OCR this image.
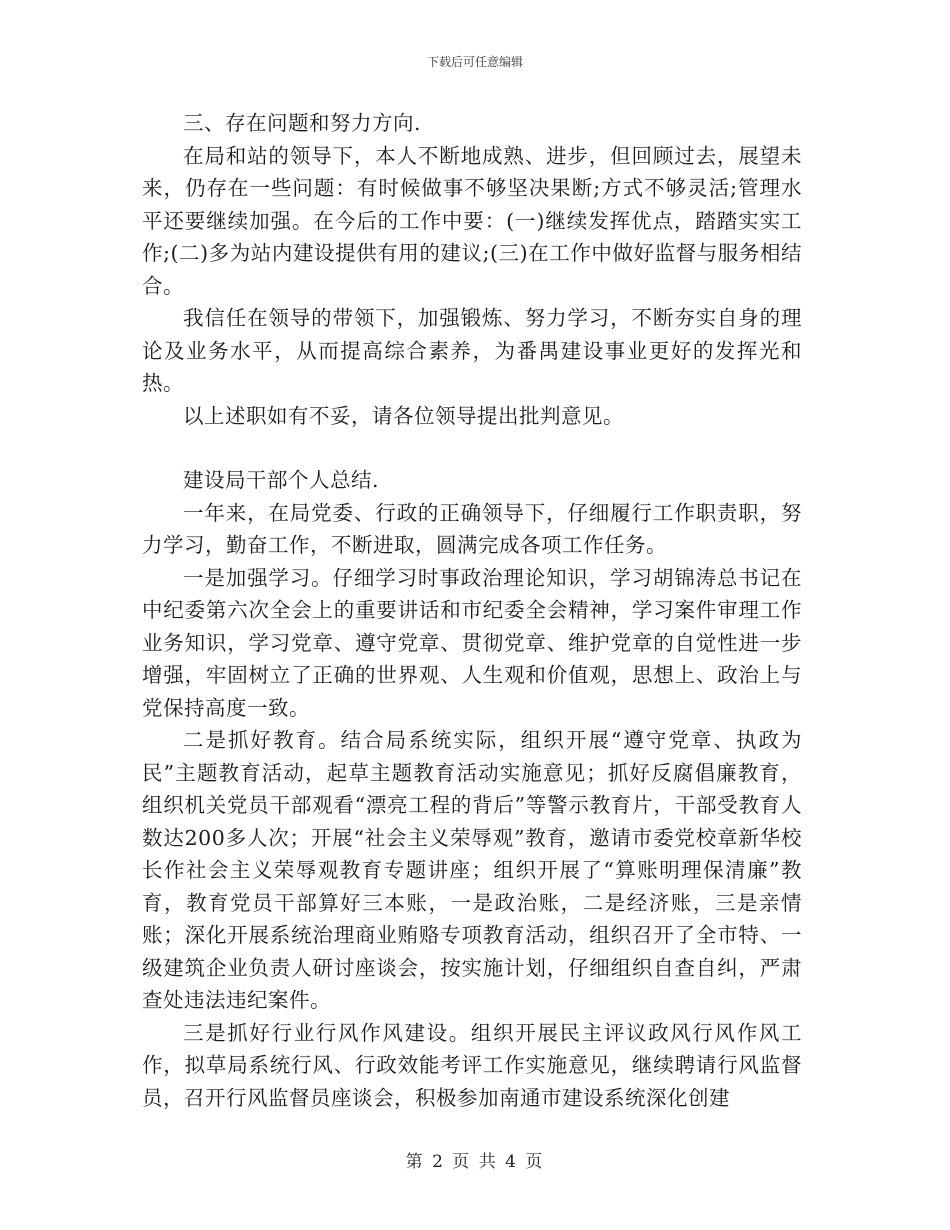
下载后可任意编辑

三、存在问题和努力方向.

在局和站的领导下，本人不断地成熟、进步，但回顾过去，展望未来，仍存在一些问题：有时候做事不够坚决果断;方式不够灵活;管理水平还要继续加强。在今后的工作中要：(一)继续发挥优点，踏踏实实工作;(二)多为站内建设提供有用的建议;(三)在工作中做好监督与服务相结合。

我信任在领导的带领下，加强锻炼、努力学习，不断夯实自身的理论及业务水平，从而提高综合素养，为番禺建设事业更好的发挥光和热。

以上述职如有不妥，请各位领导提出批判意见。

建设局干部个人总结.

一年来，在局党委、行政的正确领导下，仔细履行工作职责职，努力学习，勤奋工作，不断进取，圆满完成各项工作任务。

一是加强学习。仔细学习时事政治理论知识，学习胡锦涛总书记在中纪委第六次全会上的重要讲话和市纪委全会精神，学习案件审理工作业务知识，学习党章、遵守党章、贯彻党章、维护党章的自觉性进一步增强，牢固树立了正确的世界观、人生观和价值观，思想上、政治上与党保持高度一致。

二是抓好教育。结合局系统实际，组织开展“遵守党章、执政为民”主题教育活动，起草主题教育活动实施意见；抓好反腐倡廉教育，组织机关党员干部观看“漂亮工程的背后”等警示教育片，干部受教育人数达200多人次；开展“社会主义荣辱观”教育，邀请市委党校章新华校长作社会主义荣辱观教育专题讲座；组织开展了“算账明理保清廉”教育，教育党员干部算好三本账，一是政治账，二是经济账，三是亲情账；深化开展系统治理商业贿赂专项教育活动，组织召开了全市特、一级建筑企业负责人研讨座谈会，按实施计划，仔细组织自查自纠，严肃查处违法违纪案件。

三是抓好行业行风作风建设。组织开展民主评议政风行风作风工作，拟草局系统行风、行政效能考评工作实施意见，继续聘请行风监督员，召开行风监督员座谈会，积极参加南通市建设系统深化创建

第 2 页 共 4 页
